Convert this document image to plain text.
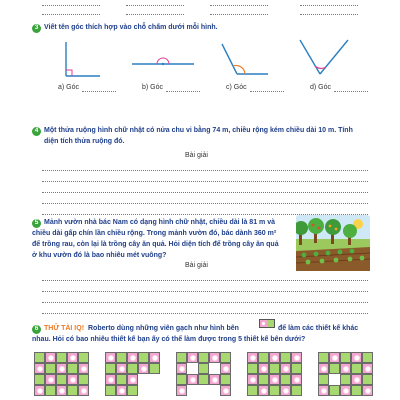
3 Viết tên góc thích hợp vào chỗ chấm dưới mỗi hình.
a) Góc	b) Góc	c) Góc	d) Góc
4 Một thửa ruộng hình chữ nhật có nửa chu vi bằng 74 m, chiều rộng kém chiều dài 10 m. Tính
diện tích thửa ruộng đó.
Bài giải
5 Mảnh vườn nhà bác Nam có dạng hình chữ nhật, chiều dài là 81 m và
chiều dài gấp chín lần chiều rộng. Trong mảnh vườn đó, bác dành 360 m²
để trồng rau, còn lại là trồng cây ăn quả. Hỏi diện tích để trồng cây ăn quả
ở khu vườn đó là bao nhiêu mét vuông?
Bài giải
6 THỬ TÀI IQ! Roberto dùng những viên gạch như hình bên	để làm các thiết kế khác
nhau. Hỏi có bao nhiêu thiết kế bạn ấy có thể làm được trong 5 thiết kế bên dưới?
